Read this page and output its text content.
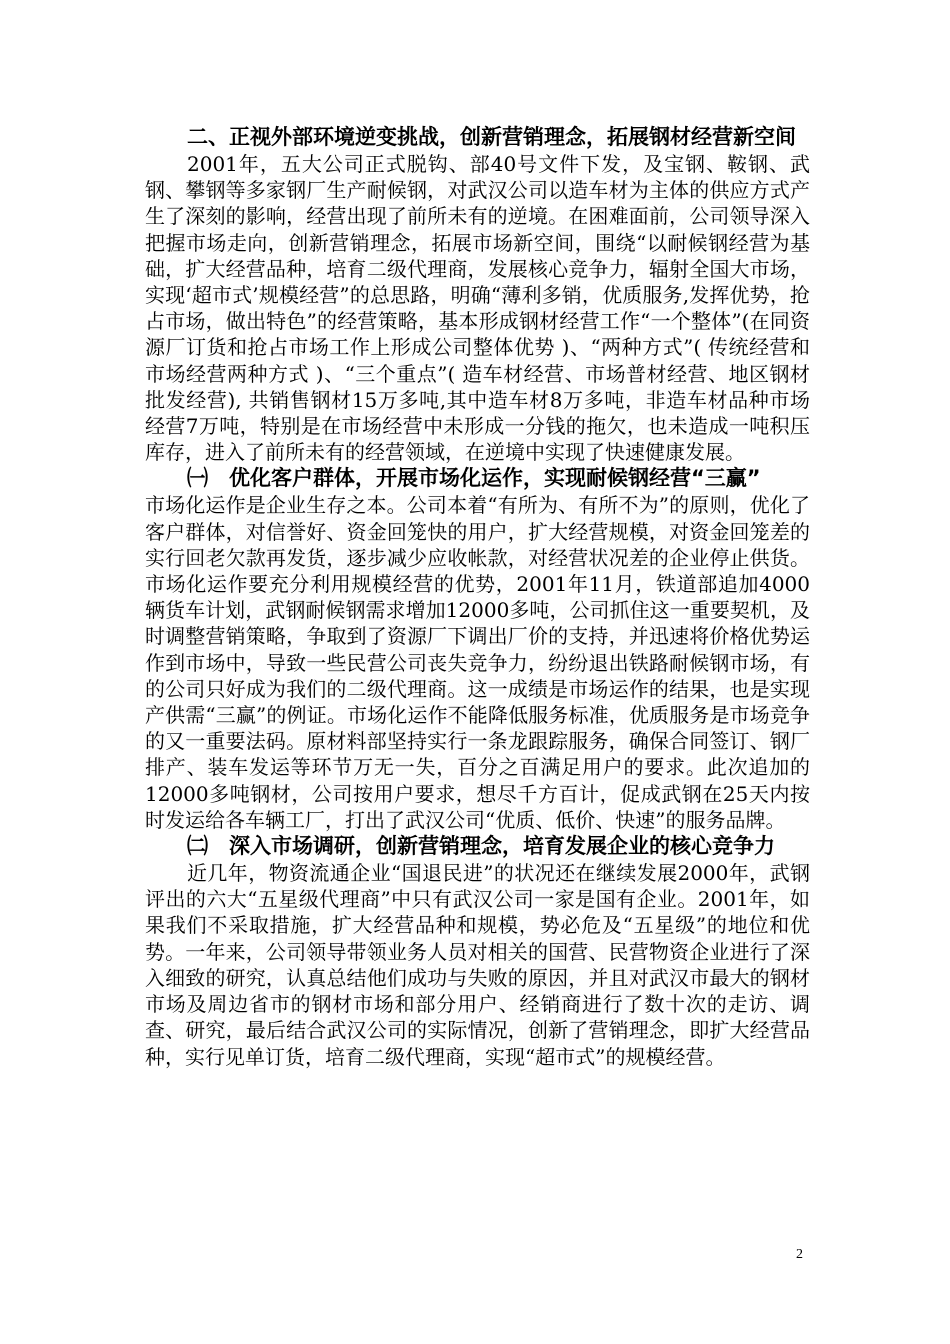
二、正视外部环境逆变挑战，创新营销理念，拓展钢材经营新空间

2001年，五大公司正式脱钩、部40号文件下发，及宝钢、鞍钢、武钢、攀钢等多家钢厂生产耐候钢，对武汉公司以造车材为主体的供应方式产生了深刻的影响，经营出现了前所未有的逆境。在困难面前，公司领导深入把握市场走向，创新营销理念，拓展市场新空间，围绕“以耐候钢经营为基础，扩大经营品种，培育二级代理商，发展核心竞争力，辐射全国大市场，实现‘超市式’规模经营”的总思路，明确“薄利多销，优质服务,发挥优势，抢占市场，做出特色”的经营策略，基本形成钢材经营工作“一个整体”(在同资源厂订货和抢占市场工作上形成公司整体优势 )、“两种方式”( 传统经营和市场经营两种方式 )、“三个重点”( 造车材经营、市场普材经营、地区钢材批发经营), 共销售钢材15万多吨,其中造车材8万多吨，非造车材品种市场经营7万吨，特别是在市场经营中未形成一分钱的拖欠，也未造成一吨积压库存，进入了前所未有的经营领域，在逆境中实现了快速健康发展。

㈠　优化客户群体，开展市场化运作，实现耐候钢经营“三赢”

市场化运作是企业生存之本。公司本着“有所为、有所不为”的原则，优化了客户群体，对信誉好、资金回笼快的用户，扩大经营规模，对资金回笼差的实行回老欠款再发货，逐步减少应收帐款，对经营状况差的企业停止供货。市场化运作要充分利用规模经营的优势，2001年11月，铁道部追加4000辆货车计划，武钢耐候钢需求增加12000多吨，公司抓住这一重要契机，及时调整营销策略，争取到了资源厂下调出厂价的支持，并迅速将价格优势运作到市场中，导致一些民营公司丧失竞争力，纷纷退出铁路耐候钢市场，有的公司只好成为我们的二级代理商。这一成绩是市场运作的结果，也是实现产供需“三赢”的例证。市场化运作不能降低服务标准，优质服务是市场竞争的又一重要法码。原材料部坚持实行一条龙跟踪服务，确保合同签订、钢厂排产、装车发运等环节万无一失，百分之百满足用户的要求。此次追加的12000多吨钢材，公司按用户要求，想尽千方百计，促成武钢在25天内按时发运给各车辆工厂，打出了武汉公司“优质、低价、快速”的服务品牌。

㈡　深入市场调研，创新营销理念，培育发展企业的核心竞争力

近几年，物资流通企业“国退民进”的状况还在继续发展2000年，武钢评出的六大“五星级代理商”中只有武汉公司一家是国有企业。2001年，如果我们不采取措施，扩大经营品种和规模，势必危及“五星级”的地位和优势。一年来，公司领导带领业务人员对相关的国营、民营物资企业进行了深入细致的研究，认真总结他们成功与失败的原因，并且对武汉市最大的钢材市场及周边省市的钢材市场和部分用户、经销商进行了数十次的走访、调查、研究，最后结合武汉公司的实际情况，创新了营销理念，即扩大经营品种，实行见单订货，培育二级代理商，实现“超市式”的规模经营。

2
